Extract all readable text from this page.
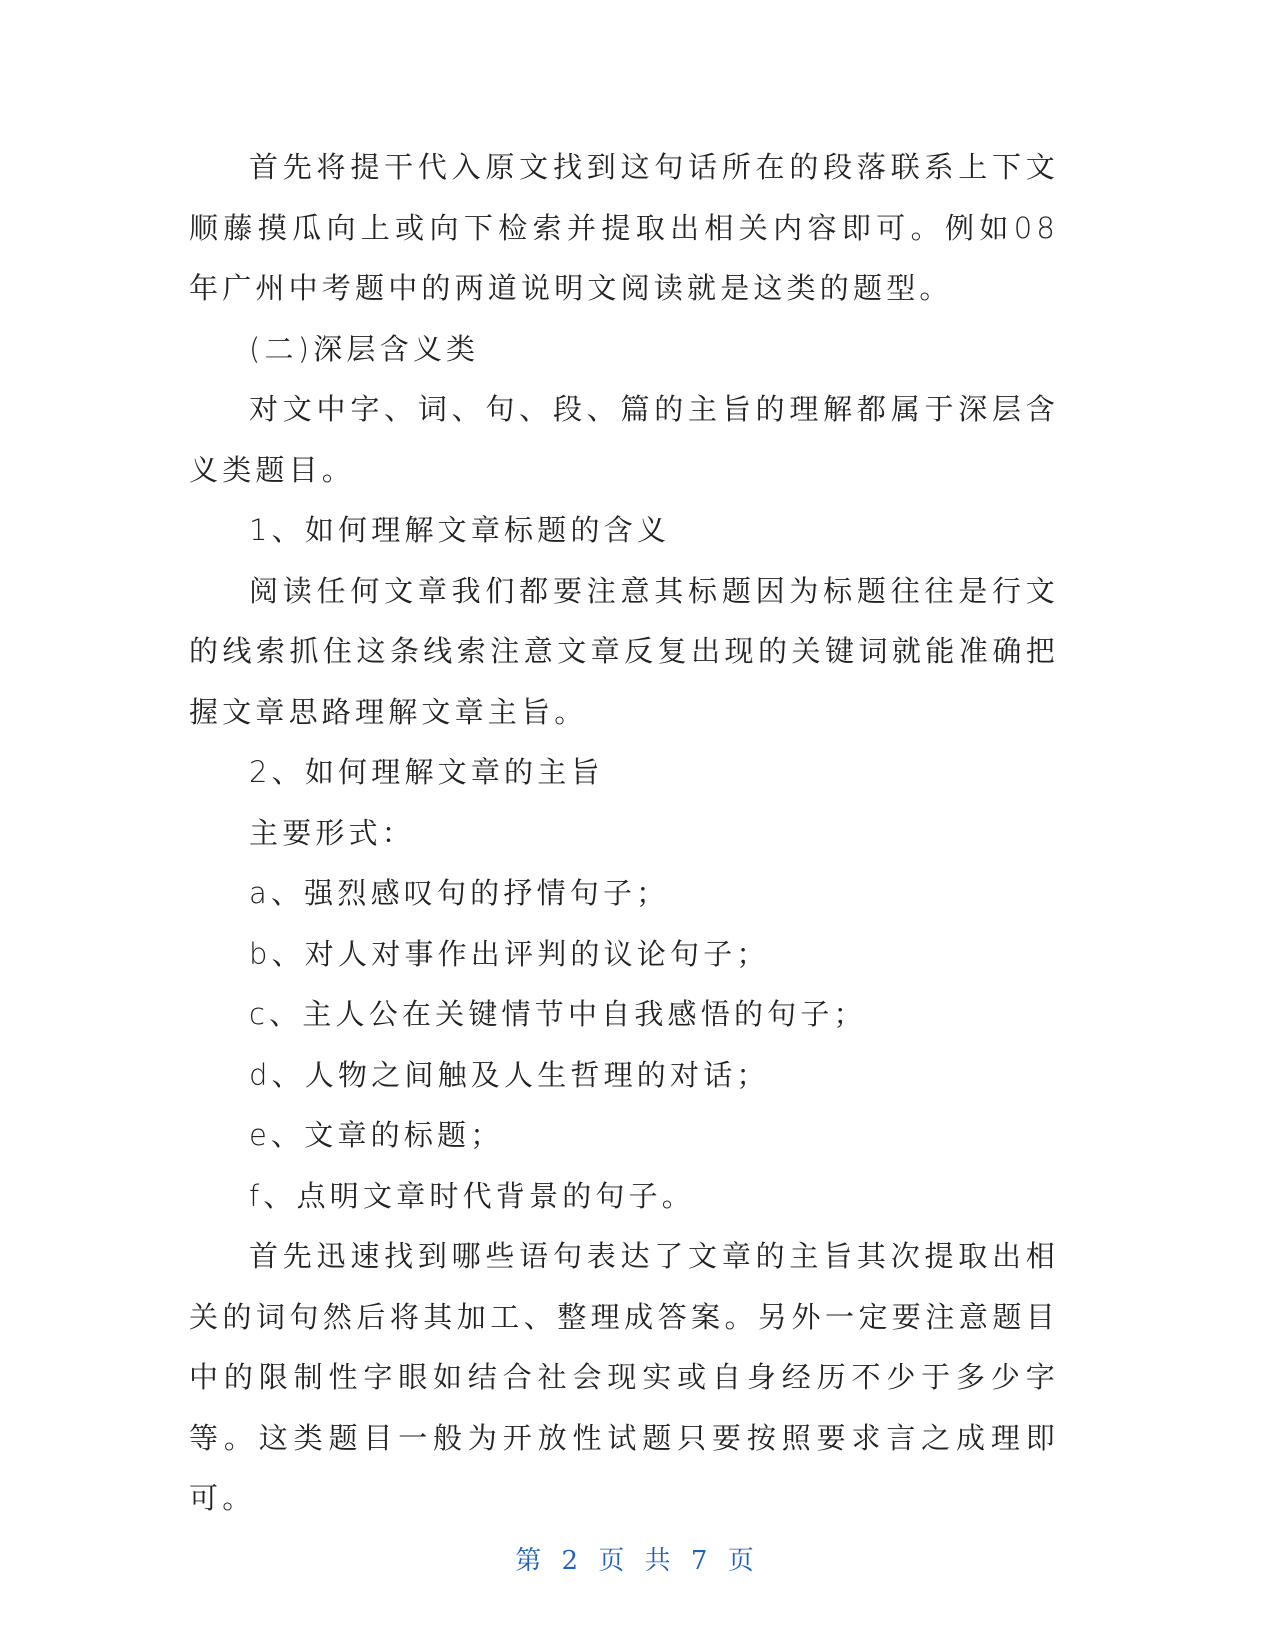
首先将提干代入原文找到这句话所在的段落联系上下文顺藤摸瓜向上或向下检索并提取出相关内容即可。例如08年广州中考题中的两道说明文阅读就是这类的题型。

(二)深层含义类

对文中字、词、句、段、篇的主旨的理解都属于深层含义类题目。

1、如何理解文章标题的含义

阅读任何文章我们都要注意其标题因为标题往往是行文的线索抓住这条线索注意文章反复出现的关键词就能准确把握文章思路理解文章主旨。

2、如何理解文章的主旨

主要形式：

a、强烈感叹句的抒情句子；

b、对人对事作出评判的议论句子；

c、主人公在关键情节中自我感悟的句子；

d、人物之间触及人生哲理的对话；

e、文章的标题；

f、点明文章时代背景的句子。

首先迅速找到哪些语句表达了文章的主旨其次提取出相关的词句然后将其加工、整理成答案。另外一定要注意题目中的限制性字眼如结合社会现实或自身经历不少于多少字等。这类题目一般为开放性试题只要按照要求言之成理即可。

第 2 页 共 7 页
